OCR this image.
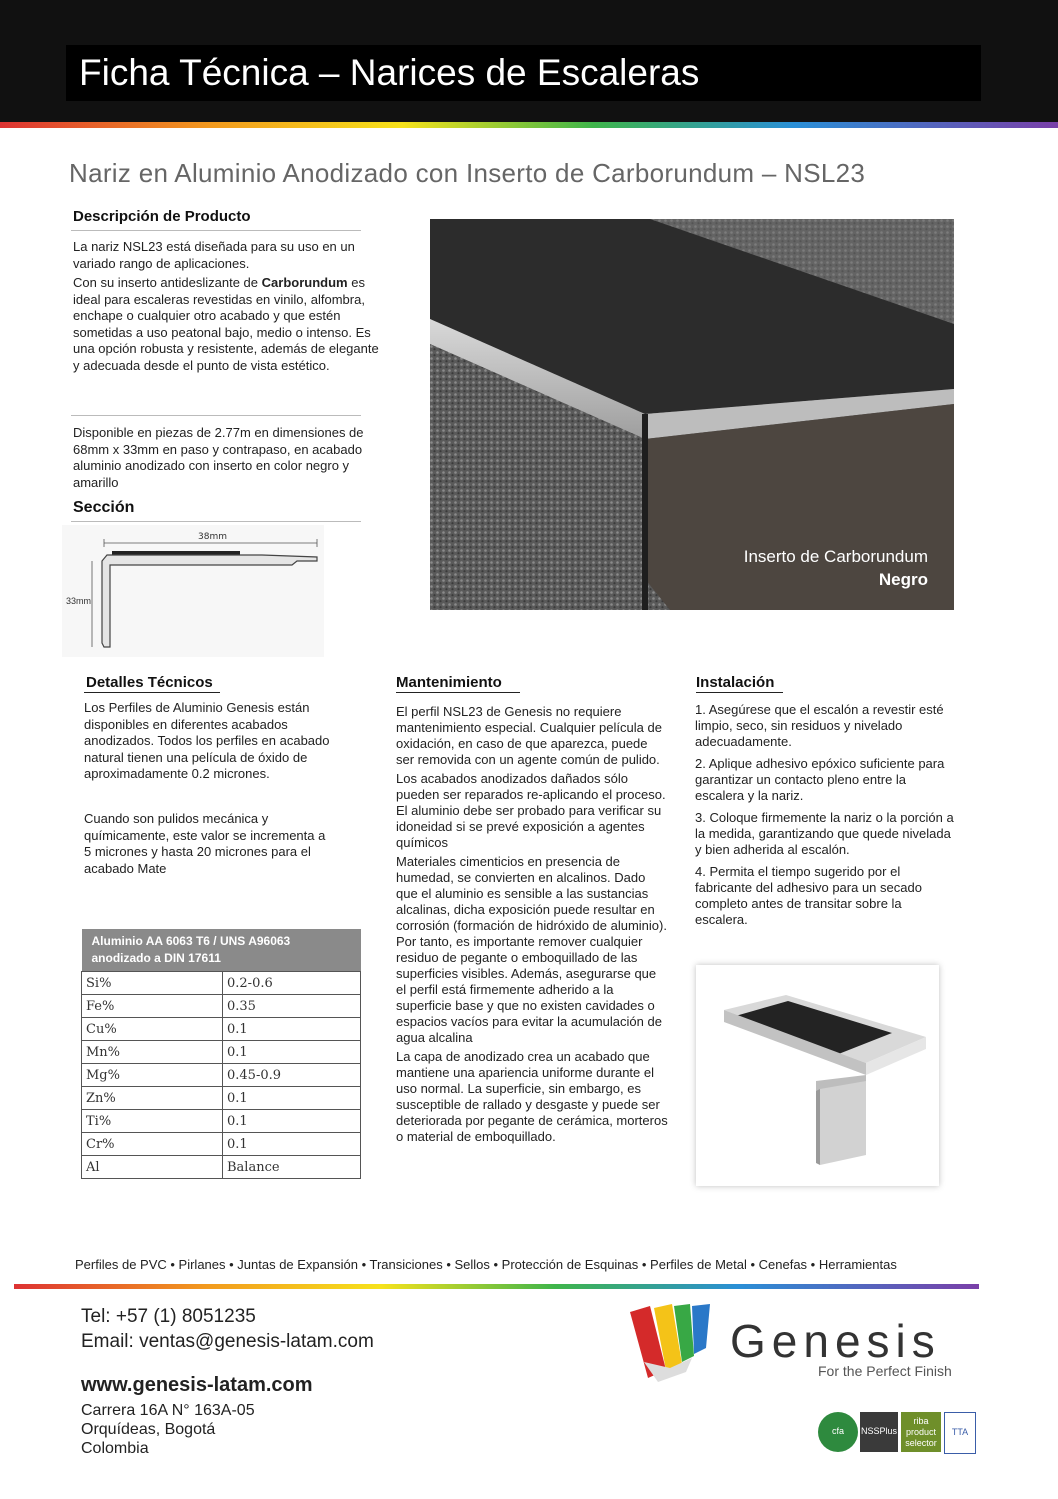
Ficha Técnica – Narices de Escaleras
Nariz en Aluminio Anodizado con Inserto de Carborundum – NSL23
Descripción de Producto

La nariz NSL23 está diseñada para su uso en un variado rango de aplicaciones.

Con su inserto antideslizante de Carborundum es ideal para escaleras revestidas en vinilo, alfombra, enchape o cualquier otro acabado y que estén sometidas a uso peatonal bajo, medio o intenso. Es una opción robusta y resistente, además de elegante y adecuada desde el punto de vista estético.

Disponible en piezas de 2.77m en dimensiones de 68mm x 33mm en paso y contrapaso, en acabado aluminio anodizado con inserto en color negro y amarillo
Sección
38mm
33mm
Inserto de Carborundum
Negro
Detalles Técnicos
Los Perfiles de Aluminio Genesis están disponibles en diferentes acabados anodizados. Todos los perfiles en acabado natural tienen una película de óxido de aproximadamente 0.2 micrones.
Cuando son pulidos mecánica y químicamente, este valor se incrementa a 5 micrones y hasta 20 micrones para el acabado Mate
Aluminio AA 6063 T6 / UNS A96063
anodizado a DIN 17611	

Si%	0.2-0.6
Fe%	0.35
Cu%	0.1
Mn%	0.1
Mg%	0.45-0.9
Zn%	0.1
Ti%	0.1
Cr%	0.1
Al	Balance
Mantenimiento

El perfil NSL23 de Genesis no requiere mantenimiento especial. Cualquier película de oxidación, en caso de que aparezca, puede ser removida con un agente común de pulido.

Los acabados anodizados dañados sólo pueden ser reparados re-aplicando el proceso. El aluminio debe ser probado para verificar su idoneidad si se prevé exposición a agentes químicos

Materiales cimenticios en presencia de humedad, se convierten en alcalinos. Dado que el aluminio es sensible a las sustancias alcalinas, dicha exposición puede resultar en corrosión (formación de hidróxido de aluminio). Por tanto, es importante remover cualquier residuo de pegante o emboquillado de las superficies visibles. Además, asegurarse que el perfil está firmemente adherido a la superficie base y que no existen cavidades o espacios vacíos para evitar la acumulación de agua alcalina

La capa de anodizado crea un acabado que mantiene una apariencia uniforme durante el uso normal. La superficie, sin embargo, es susceptible de rallado y desgaste y puede ser deteriorada por pegante de cerámica, morteros o material de emboquillado.

Instalación

1. Asegúrese que el escalón a revestir esté limpio, seco, sin residuos y nivelado adecuadamente.

2. Aplique adhesivo epóxico suficiente para garantizar un contacto pleno entre la escalera y la nariz.

3. Coloque firmemente la nariz o la porción a la medida, garantizando que quede nivelada y bien adherida al escalón.

4. Permita el tiempo sugerido por el fabricante del adhesivo para un secado completo antes de transitar sobre la escalera.

Perfiles de PVC • Pirlanes • Juntas de Expansión • Transiciones • Sellos • Protección de Esquinas • Perfiles de Metal • Cenefas • Herramientas
Tel: +57 (1) 8051235
Email: ventas@genesis-latam.com
www.genesis-latam.com
Carrera 16A N° 163A-05
Orquídeas, Bogotá
Colombia
Genesis
For the Perfect Finish
cfa	NSSPlus
riba product selector
TTA
